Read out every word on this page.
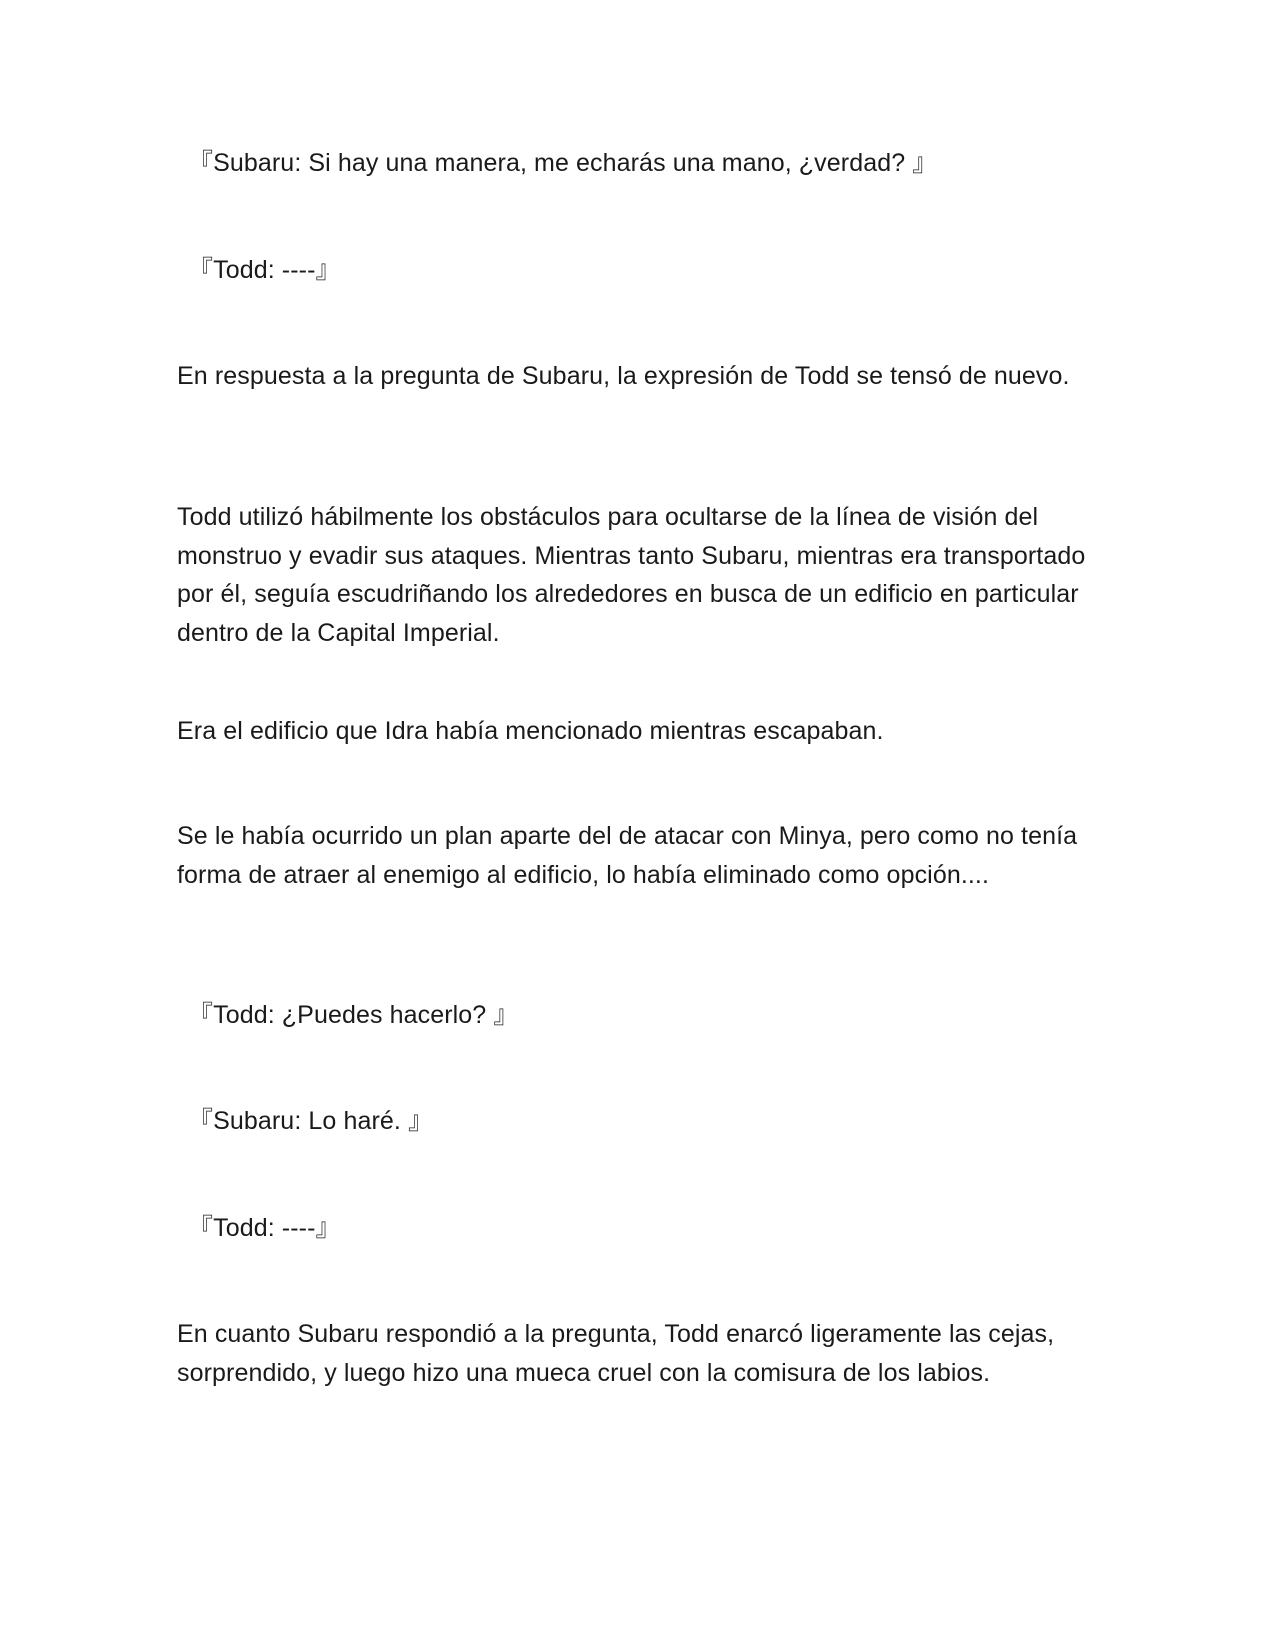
『Subaru: Si hay una manera, me echarás una mano, ¿verdad? 』

『Todd: ----』

En respuesta a la pregunta de Subaru, la expresión de Todd se tensó de nuevo.

Todd utilizó hábilmente los obstáculos para ocultarse de la línea de visión del monstruo y evadir sus ataques. Mientras tanto Subaru, mientras era transportado por él, seguía escudriñando los alrededores en busca de un edificio en particular dentro de la Capital Imperial.

Era el edificio que Idra había mencionado mientras escapaban.

Se le había ocurrido un plan aparte del de atacar con Minya, pero como no tenía forma de atraer al enemigo al edificio, lo había eliminado como opción....

『Todd: ¿Puedes hacerlo? 』

『Subaru: Lo haré. 』

『Todd: ----』

En cuanto Subaru respondió a la pregunta, Todd enarcó ligeramente las cejas, sorprendido, y luego hizo una mueca cruel con la comisura de los labios.
